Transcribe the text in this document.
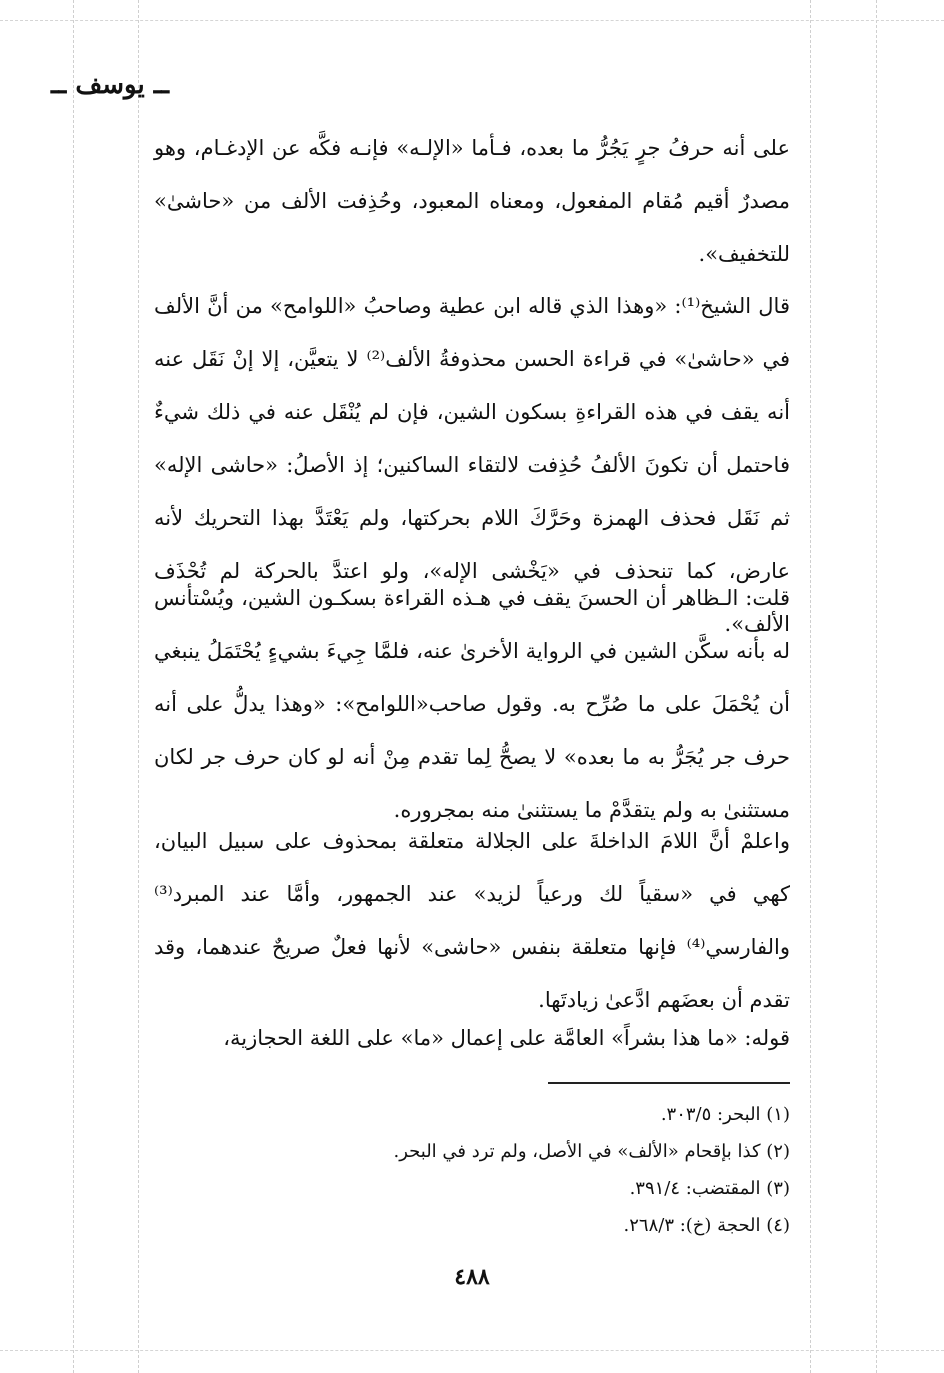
ــ يوسف ــ
على أنه حرفُ جرٍ يَجُرُّ ما بعده، فـأما «الإلـه» فإنـه فكَّه عن الإدغـام، وهو مصدرٌ أقيم مُقام المفعول، ومعناه المعبود، وحُذِفت الألف من «حاشىٰ» للتخفيف».
قال الشيخ⁽¹⁾: «وهذا الذي قاله ابن عطية وصاحبُ «اللوامح» من أنَّ الألف في «حاشىٰ» في قراءة الحسن محذوفةُ الألف⁽²⁾ لا يتعيَّن، إلا إنْ نَقَل عنه أنه يقف في هذه القراءةِ بسكون الشين، فإن لم يُنْقَل عنه في ذلك شيءٌ فاحتمل أن تكونَ الألفُ حُذِفت لالتقاء الساكنين؛ إذ الأصلُ: «حاشى الإله» ثم نَقَل فحذف الهمزة وحَرَّكَ اللام بحركتها، ولم يَعْتَدَّ بهذا التحريك لأنه عارض، كما تنحذف في «يَخْشى الإله»، ولو اعتدَّ بالحركة لم تُحْذَف الألف».
قلت: الـظاهر أن الحسنَ يقف في هـذه القراءة بسكـون الشين، ويُسْتأنس له بأنه سكَّن الشين في الرواية الأخرىٰ عنه، فلمَّا جِيءَ بشيءٍ يُحْتَمَلُ ينبغي أن يُحْمَلَ على ما صُرِّح به. وقول صاحب«اللوامح»: «وهذا يدلُّ على أنه حرف جر يُجَرُّ به ما بعده» لا يصحُّ لِما تقدم مِنْ أنه لو كان حرف جر لكان مستثنىٰ به ولم يتقدَّمْ ما يستثنىٰ منه بمجروره.
واعلمْ أنَّ اللامَ الداخلةَ على الجلالة متعلقة بمحذوف على سبيل البيان، كهي في «سقياً لك ورعياً لزيد» عند الجمهور، وأمَّا عند المبرد⁽³⁾ والفارسي⁽⁴⁾ فإنها متعلقة بنفس «حاشى» لأنها فعلٌ صريحٌ عندهما، وقد تقدم أن بعضَهم ادَّعىٰ زيادتَها.
قوله: «ما هذا بشراً» العامَّة على إعمال «ما» على اللغة الحجازية،
(١) البحر: ٣٠٣/٥.
(٢) كذا بإقحام «الألف» في الأصل، ولم ترد في البحر.
(٣) المقتضب: ٣٩١/٤.
(٤) الحجة (خ): ٢٦٨/٣.
٤٨٨
